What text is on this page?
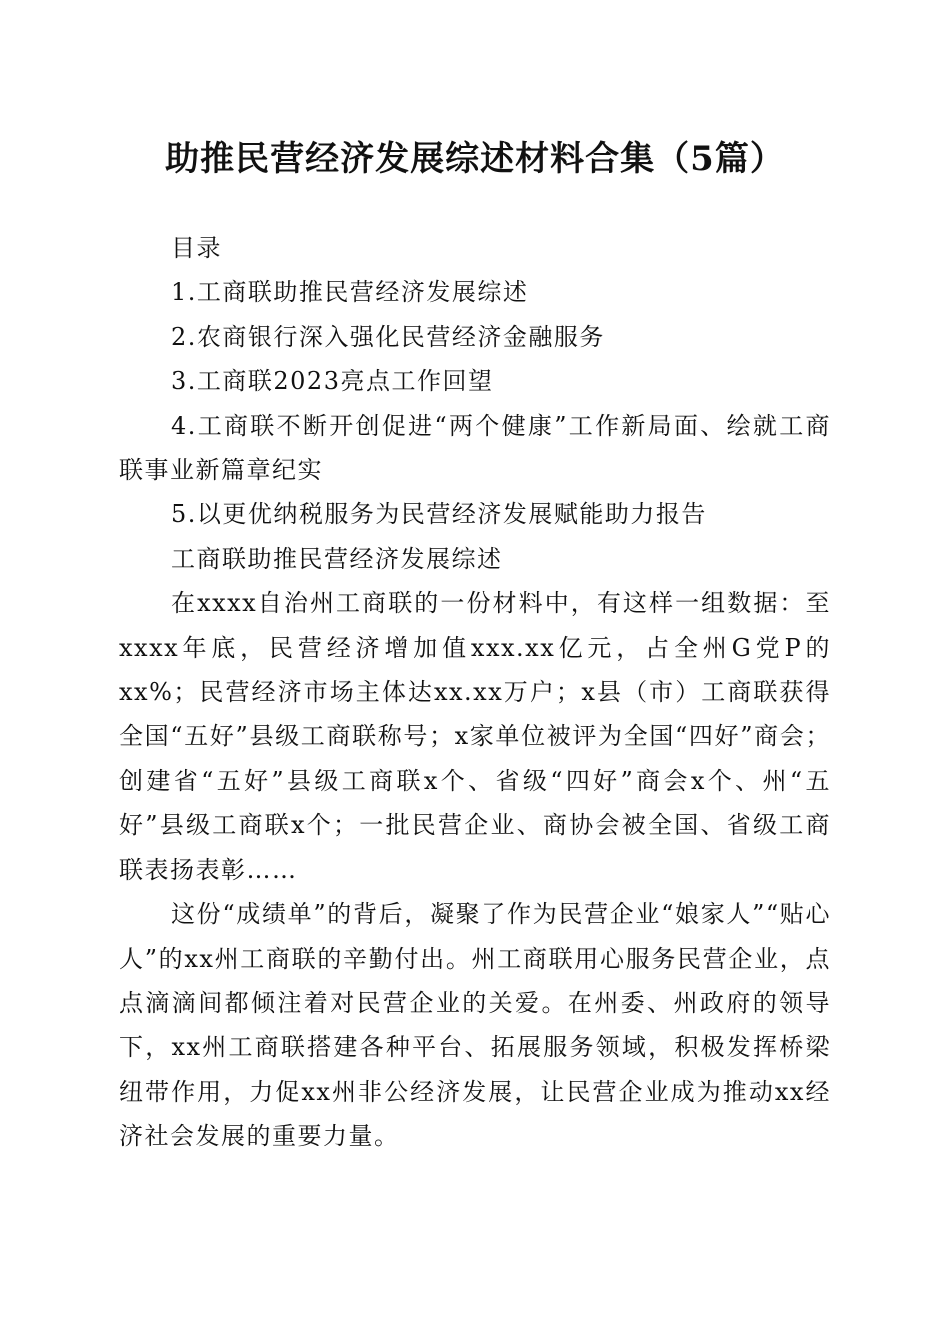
助推民营经济发展综述材料合集（5篇）

目录

1.工商联助推民营经济发展综述

2.农商银行深入强化民营经济金融服务

3.工商联2023亮点工作回望

4.工商联不断开创促进“两个健康”工作新局面、绘就工商联事业新篇章纪实

5.以更优纳税服务为民营经济发展赋能助力报告

工商联助推民营经济发展综述

在xxxx自治州工商联的一份材料中，有这样一组数据：至xxxx年底，民营经济增加值xxx.xx亿元，占全州G党P的xx%；民营经济市场主体达xx.xx万户；x县（市）工商联获得全国“五好”县级工商联称号；x家单位被评为全国“四好”商会；创建省“五好”县级工商联x个、省级“四好”商会x个、州“五好”县级工商联x个；一批民营企业、商协会被全国、省级工商联表扬表彰……

这份“成绩单”的背后，凝聚了作为民营企业“娘家人”“贴心人”的xx州工商联的辛勤付出。州工商联用心服务民营企业，点点滴滴间都倾注着对民营企业的关爱。在州委、州政府的领导下，xx州工商联搭建各种平台、拓展服务领域，积极发挥桥梁纽带作用，力促xx州非公经济发展，让民营企业成为推动xx经济社会发展的重要力量。
